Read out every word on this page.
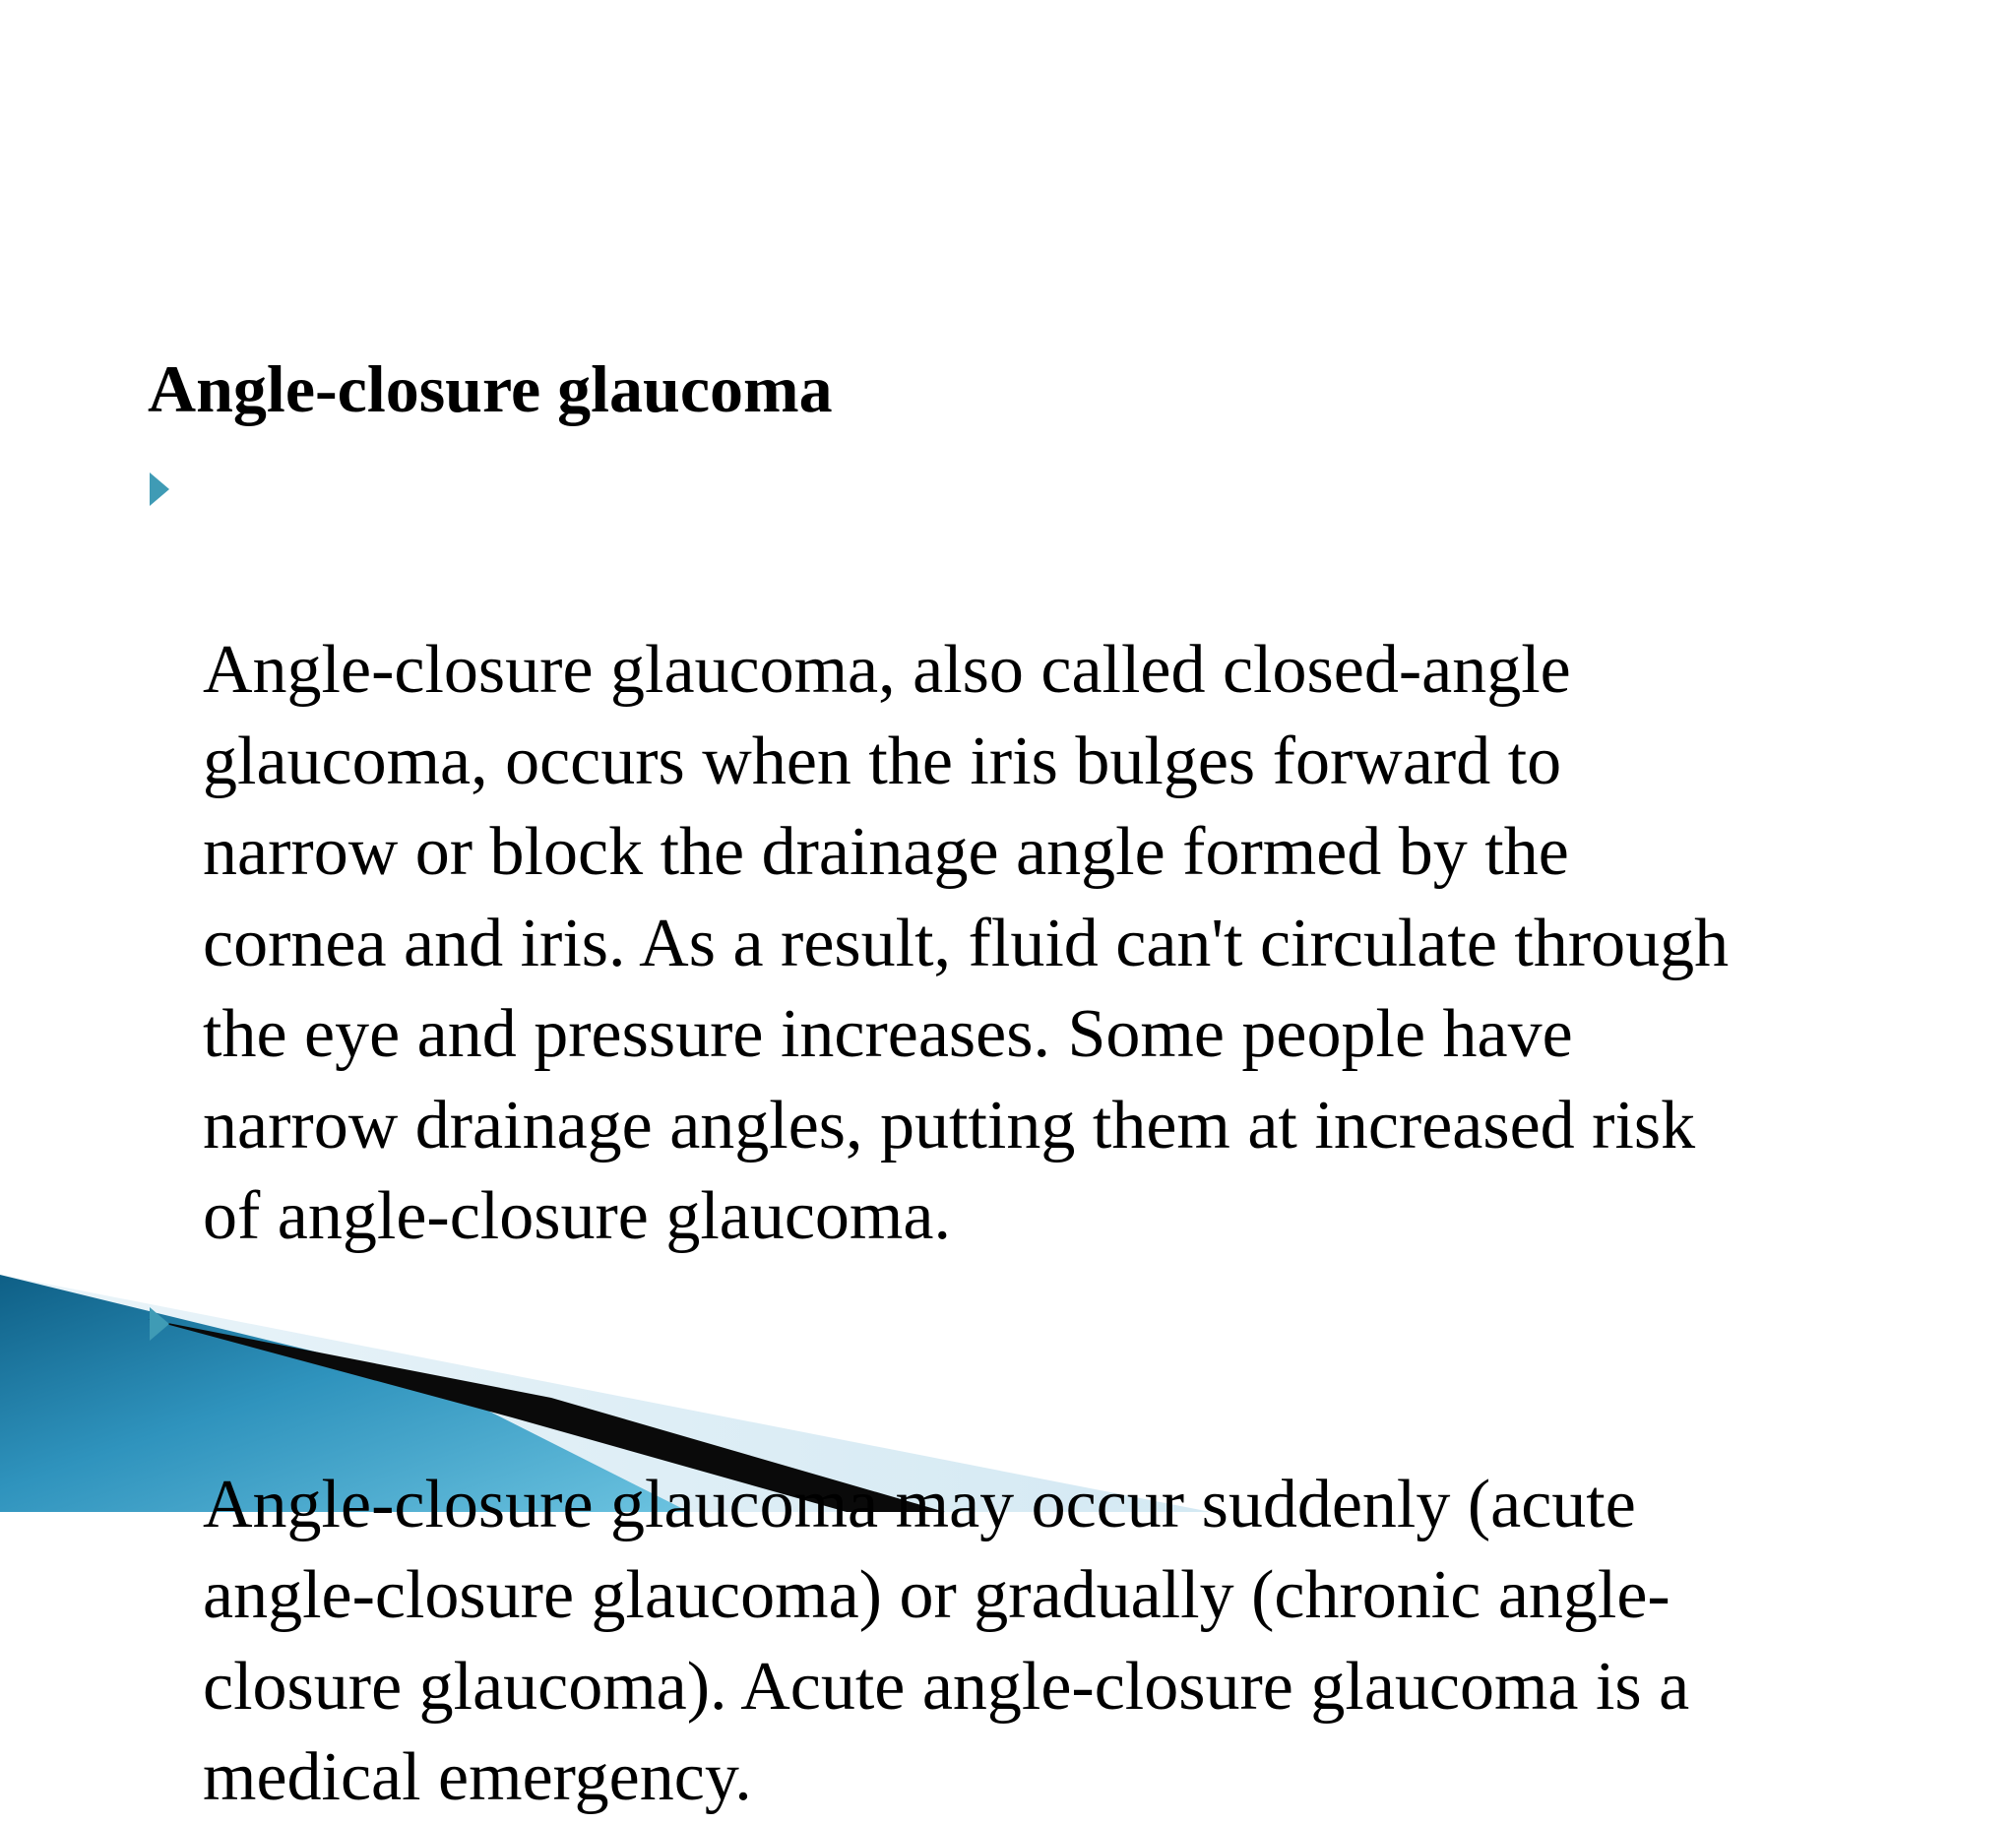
Angle-closure glaucoma

Angle-closure glaucoma, also called closed-angle
glaucoma, occurs when the iris bulges forward to
narrow or block the drainage angle formed by the
cornea and iris. As a result, fluid can't circulate through
the eye and pressure increases. Some people have
narrow drainage angles, putting them at increased risk
of angle-closure glaucoma.

Angle-closure glaucoma may occur suddenly (acute
angle-closure glaucoma) or gradually (chronic angle-
closure glaucoma). Acute angle-closure glaucoma is a
medical emergency.
